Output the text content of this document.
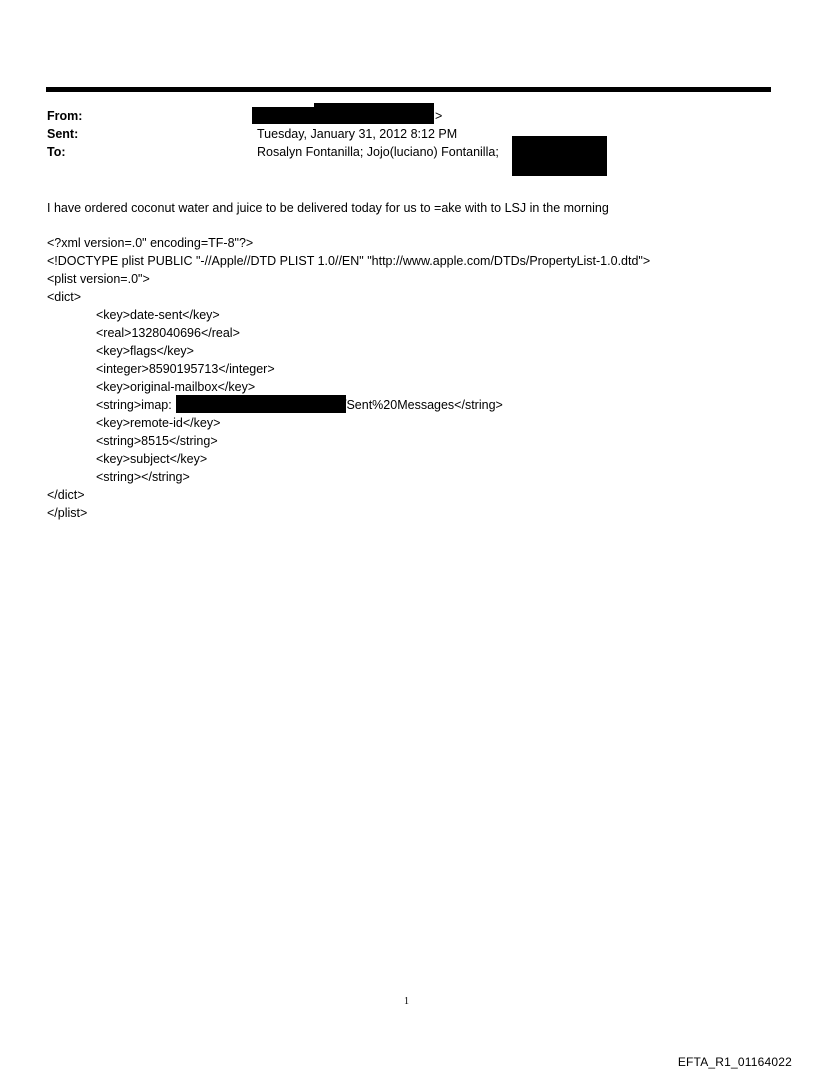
From:	>
Sent:	Tuesday, January 31, 2012 8:12 PM
To:	Rosalyn Fontanilla; Jojo(luciano) Fontanilla;
I have ordered coconut water and juice to be delivered today for us to =ake with to LSJ in the morning
<?xml version=.0" encoding=TF-8"?>
<!DOCTYPE plist PUBLIC "-//Apple//DTD PLIST 1.0//EN" "http://www.apple.com/DTDs/PropertyList-1.0.dtd">
<plist version=.0">
<dict>
<key>date-sent</key>
<real>1328040696</real>
<key>flags</key>
<integer>8590195713</integer>
<key>original-mailbox</key>
<string>imap:	/Sent%20Messages</string>
<key>remote-id</key>
<string>8515</string>
<key>subject</key>
<string></string>
</dict>
</plist>
1
EFTA_R1_01164022
